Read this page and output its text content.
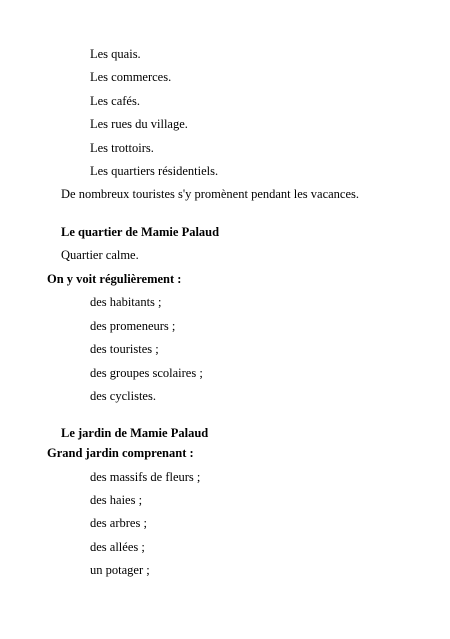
Les quais.
Les commerces.
Les cafés.
Les rues du village.
Les trottoirs.
Les quartiers résidentiels.
De nombreux touristes s'y promènent pendant les vacances.
Le quartier de Mamie Palaud
Quartier calme.
On y voit régulièrement :
des habitants ;
des promeneurs ;
des touristes ;
des groupes scolaires ;
des cyclistes.
Le jardin de Mamie Palaud
Grand jardin comprenant :
des massifs de fleurs ;
des haies ;
des arbres ;
des allées ;
un potager ;
